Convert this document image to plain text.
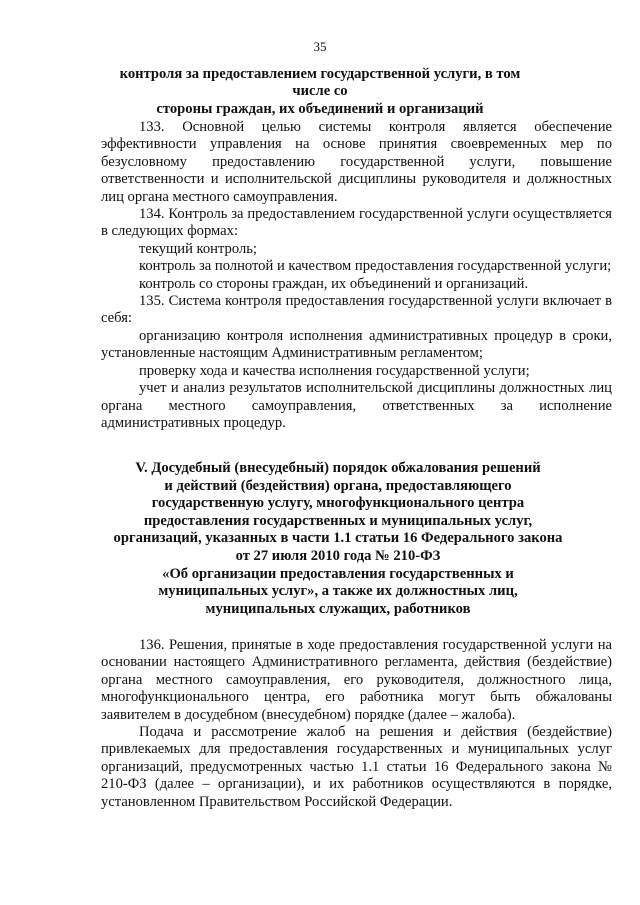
35
контроля за предоставлением государственной услуги, в том числе со
стороны граждан, их объединений и организаций

133. Основной целью системы контроля является обеспечение эффективности управления на основе принятия своевременных мер по безусловному предоставлению государственной услуги, повышение ответственности и исполнительской дисциплины руководителя и должностных лиц органа местного самоуправления.

134. Контроль за предоставлением государственной услуги осуществляется в следующих формах:

текущий контроль;

контроль за полнотой и качеством предоставления государственной услуги;

контроль со стороны граждан, их объединений и организаций.

135. Система контроля предоставления государственной услуги включает в себя:

организацию контроля исполнения административных процедур в сроки, установленные настоящим Административным регламентом;

проверку хода и качества исполнения государственной услуги;

учет и анализ результатов исполнительской дисциплины должностных лиц органа местного самоуправления, ответственных за исполнение административных процедур.

V. Досудебный (внесудебный) порядок обжалования решений
и действий (бездействия) органа, предоставляющего
государственную услугу, многофункционального центра
предоставления государственных и муниципальных услуг,
организаций, указанных в части 1.1 статьи 16 Федерального закона
от 27 июля 2010 года № 210-ФЗ
«Об организации предоставления государственных и
муниципальных услуг», а также их должностных лиц,
муниципальных служащих, работников

136. Решения, принятые в ходе предоставления государственной услуги на основании настоящего Административного регламента, действия (бездействие) органа местного самоуправления, его руководителя, должностного лица, многофункционального центра, его работника могут быть обжалованы заявителем в досудебном (внесудебном) порядке (далее – жалоба).

Подача и рассмотрение жалоб на решения и действия (бездействие) привлекаемых для предоставления государственных и муниципальных услуг организаций, предусмотренных частью 1.1 статьи 16 Федерального закона № 210-ФЗ (далее – организации), и их работников осуществляются в порядке, установленном Правительством Российской Федерации.
